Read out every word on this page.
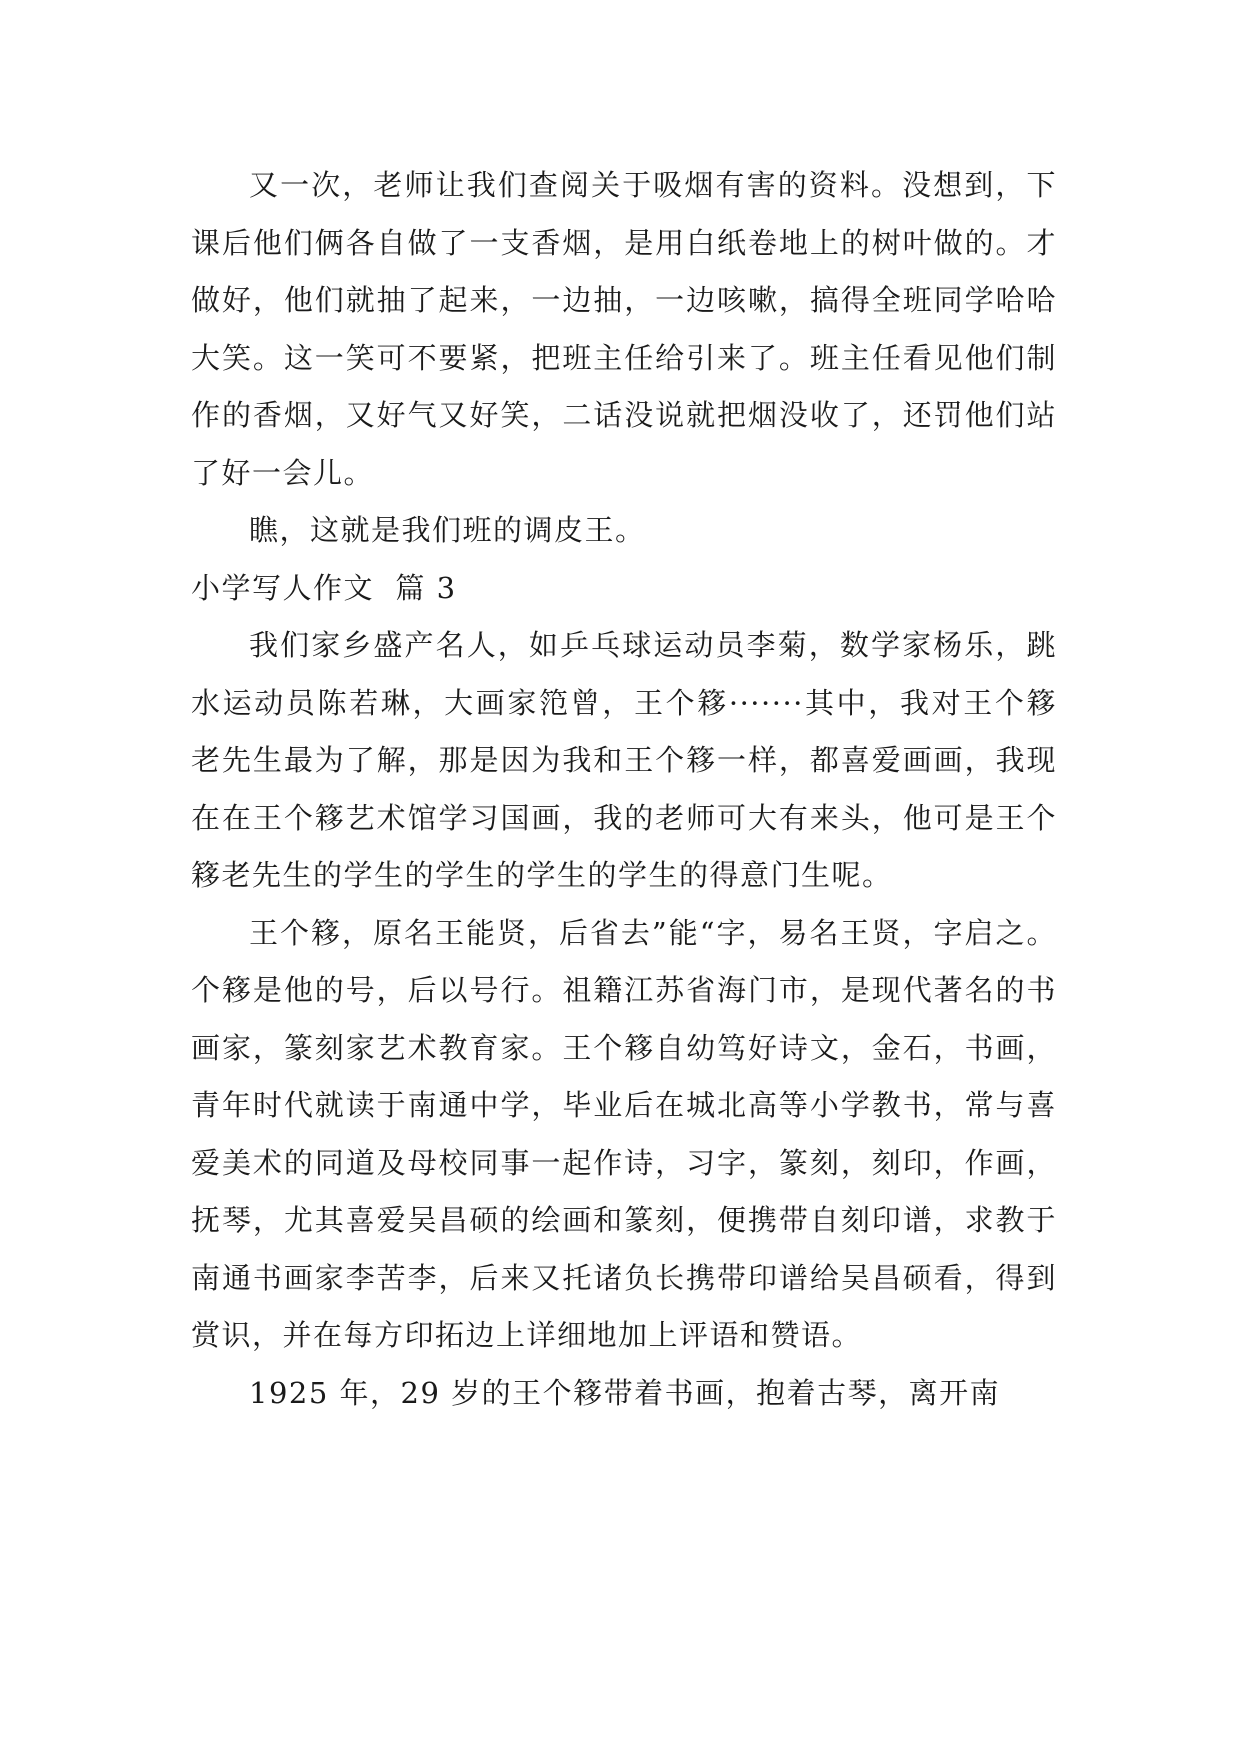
又一次，老师让我们查阅关于吸烟有害的资料。没想到，下课后他们俩各自做了一支香烟，是用白纸卷地上的树叶做的。才做好，他们就抽了起来，一边抽，一边咳嗽，搞得全班同学哈哈大笑。这一笑可不要紧，把班主任给引来了。班主任看见他们制作的香烟，又好气又好笑，二话没说就把烟没收了，还罚他们站了好一会儿。

瞧，这就是我们班的调皮王。

小学写人作文  篇 3

我们家乡盛产名人，如乒乓球运动员李菊，数学家杨乐，跳水运动员陈若琳，大画家笵曾，王个簃·······其中，我对王个簃老先生最为了解，那是因为我和王个簃一样，都喜爱画画，我现在在王个簃艺术馆学习国画，我的老师可大有来头，他可是王个簃老先生的学生的学生的学生的学生的得意门生呢。

王个簃，原名王能贤，后省去”能“字，易名王贤，字启之。个簃是他的号，后以号行。祖籍江苏省海门市，是现代著名的书画家，篆刻家艺术教育家。王个簃自幼笃好诗文，金石，书画，青年时代就读于南通中学，毕业后在城北高等小学教书，常与喜爱美术的同道及母校同事一起作诗，习字，篆刻，刻印，作画，抚琴，尤其喜爱吴昌硕的绘画和篆刻，便携带自刻印谱，求教于南通书画家李苦李，后来又托诸负长携带印谱给吴昌硕看，得到赏识，并在每方印拓边上详细地加上评语和赞语。

1925 年，29 岁的王个簃带着书画，抱着古琴，离开南
